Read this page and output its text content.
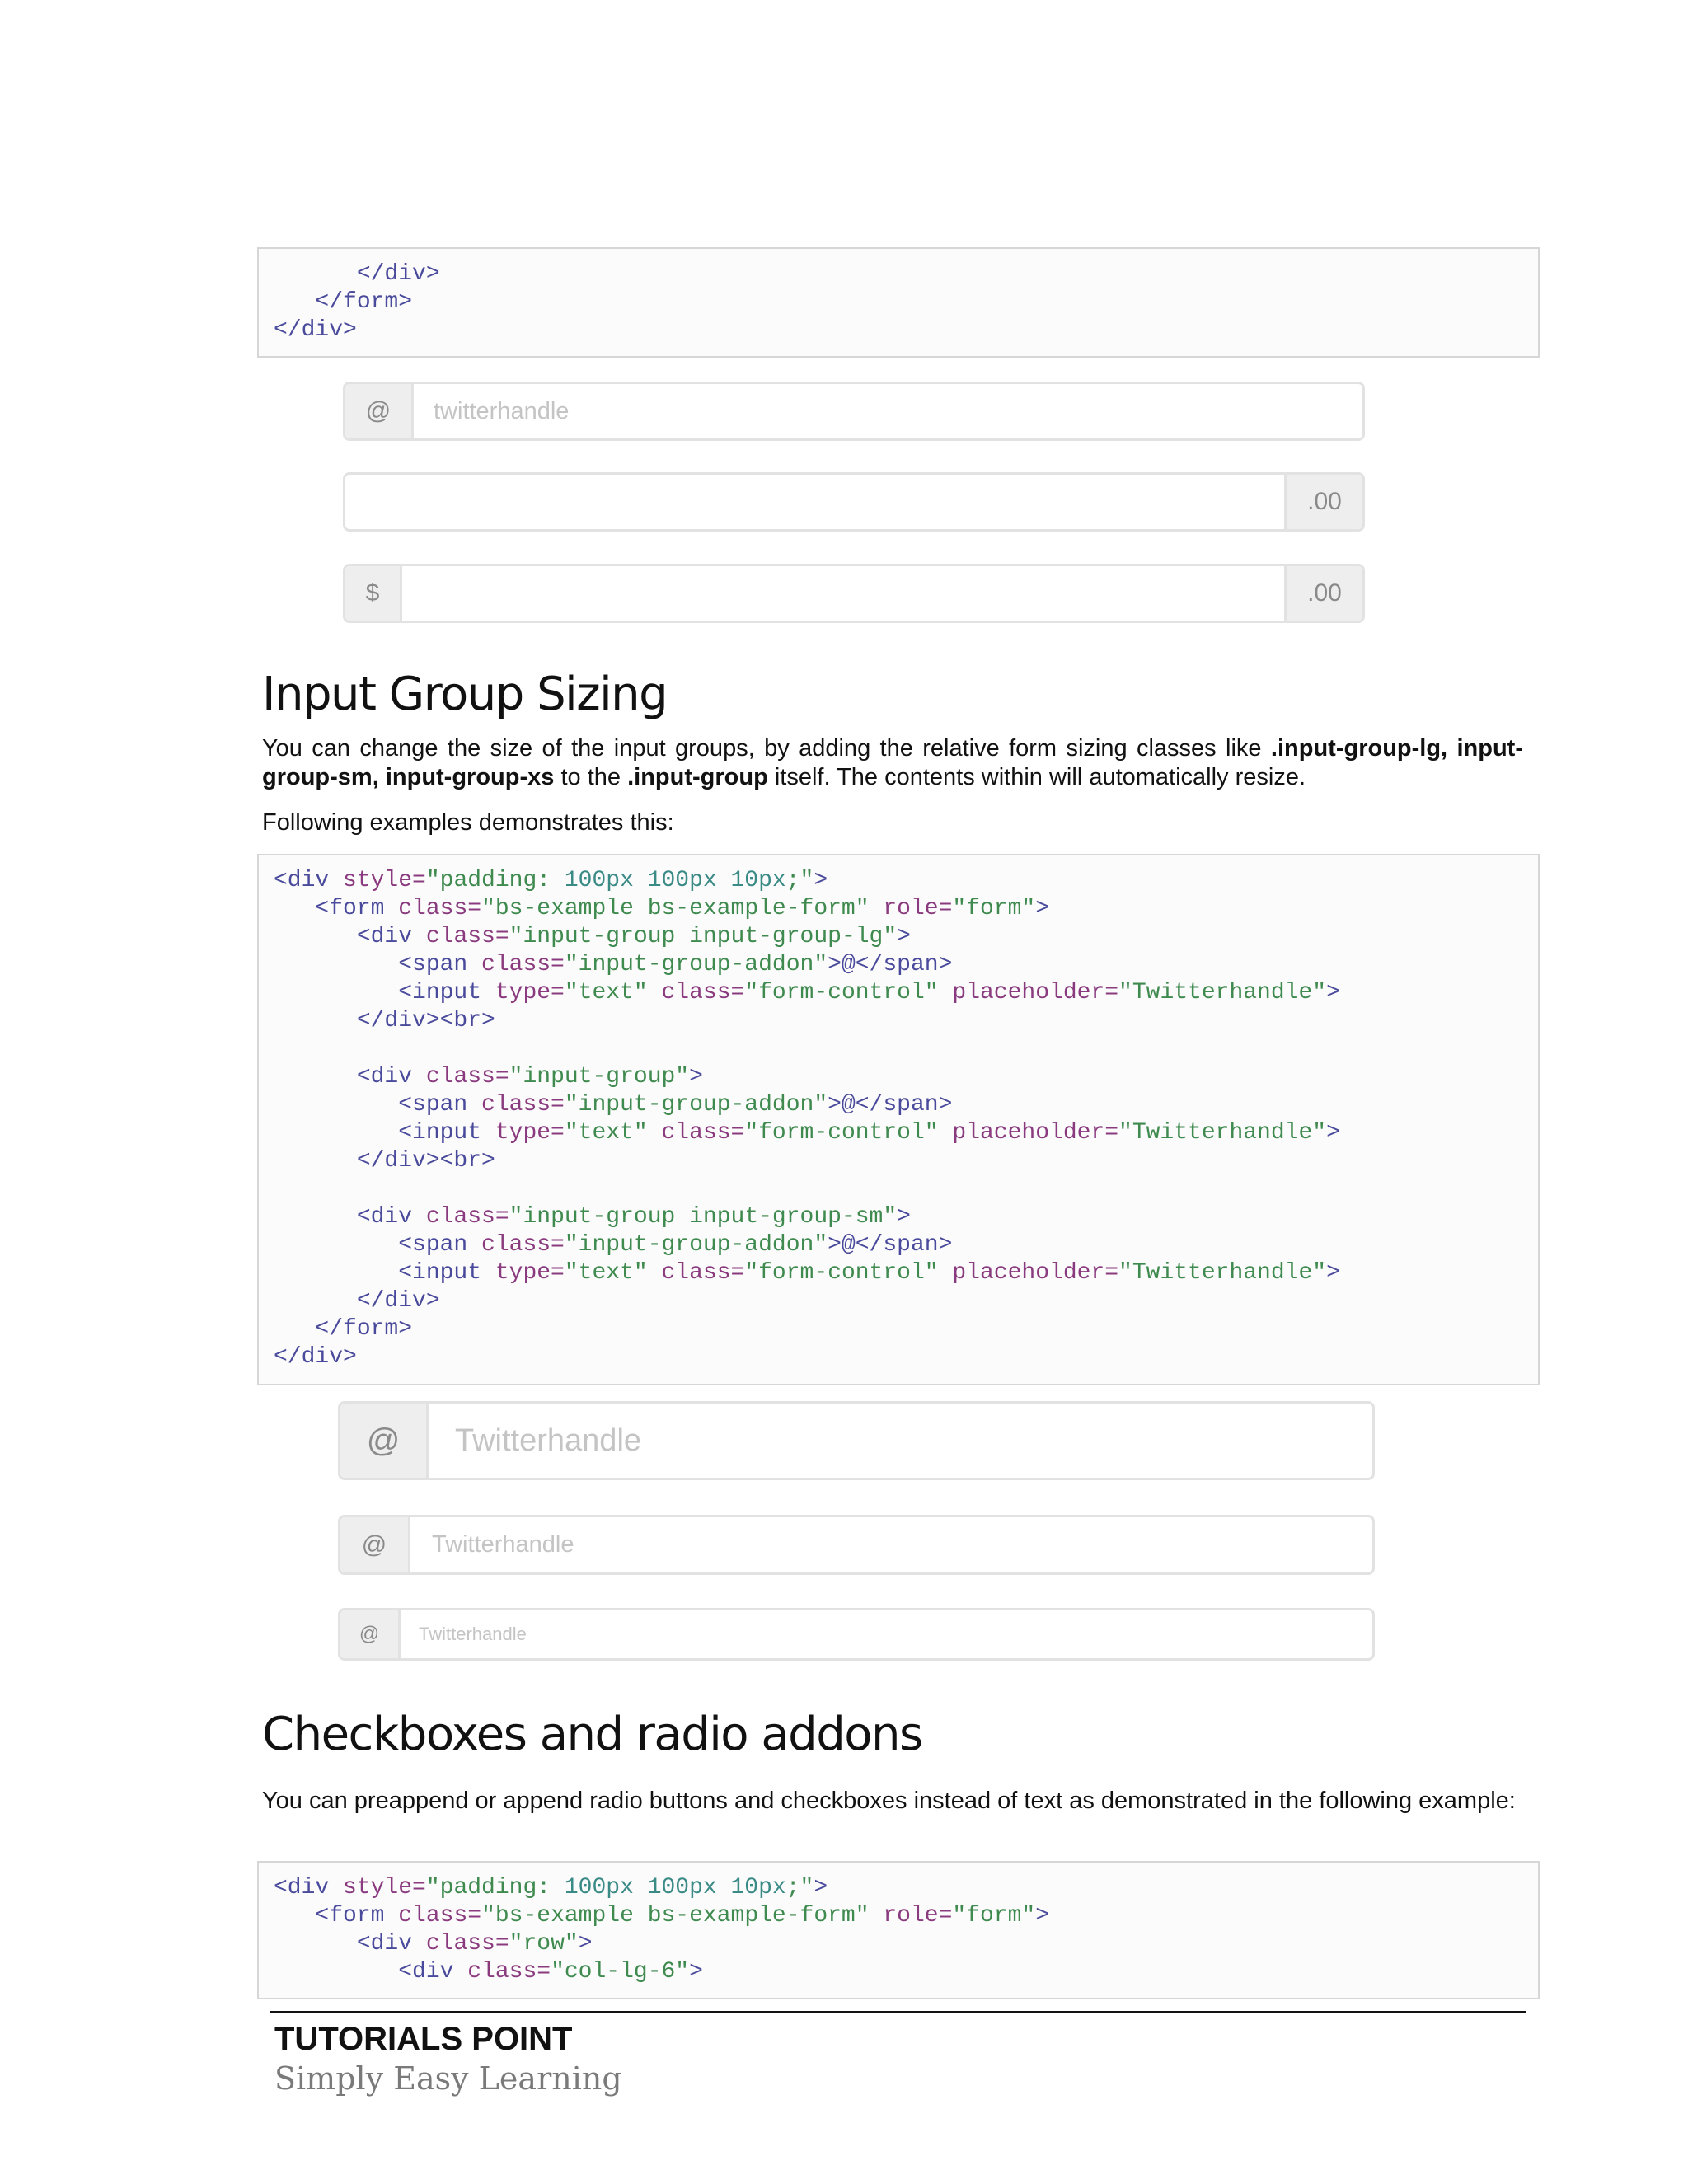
</div>
</form>
</div>
@	twitterhandle
.00
$	.00
Input Group Sizing

You can change the size of the input groups, by adding the relative form sizing classes like .input-group-lg, input-group-sm, input-group-xs to the .input-group itself. The contents within will automatically resize.

Following examples demonstrates this:

<div style="padding: 100px 100px 10px;">
<form class="bs-example bs-example-form" role="form">
<div class="input-group input-group-lg">
<span class="input-group-addon">@</span>
<input type="text" class="form-control" placeholder="Twitterhandle">
</div><br>

<div class="input-group">
<span class="input-group-addon">@</span>
<input type="text" class="form-control" placeholder="Twitterhandle">
</div><br>

<div class="input-group input-group-sm">
<span class="input-group-addon">@</span>
<input type="text" class="form-control" placeholder="Twitterhandle">
</div>
</form>
</div>
@	Twitterhandle
@	Twitterhandle
@	Twitterhandle
Checkboxes and radio addons

You can preappend or append radio buttons and checkboxes instead of text as demonstrated in the following example:

<div style="padding: 100px 100px 10px;">
<form class="bs-example bs-example-form" role="form">
<div class="row">
<div class="col-lg-6">
TUTORIALS POINT
Simply Easy Learning
